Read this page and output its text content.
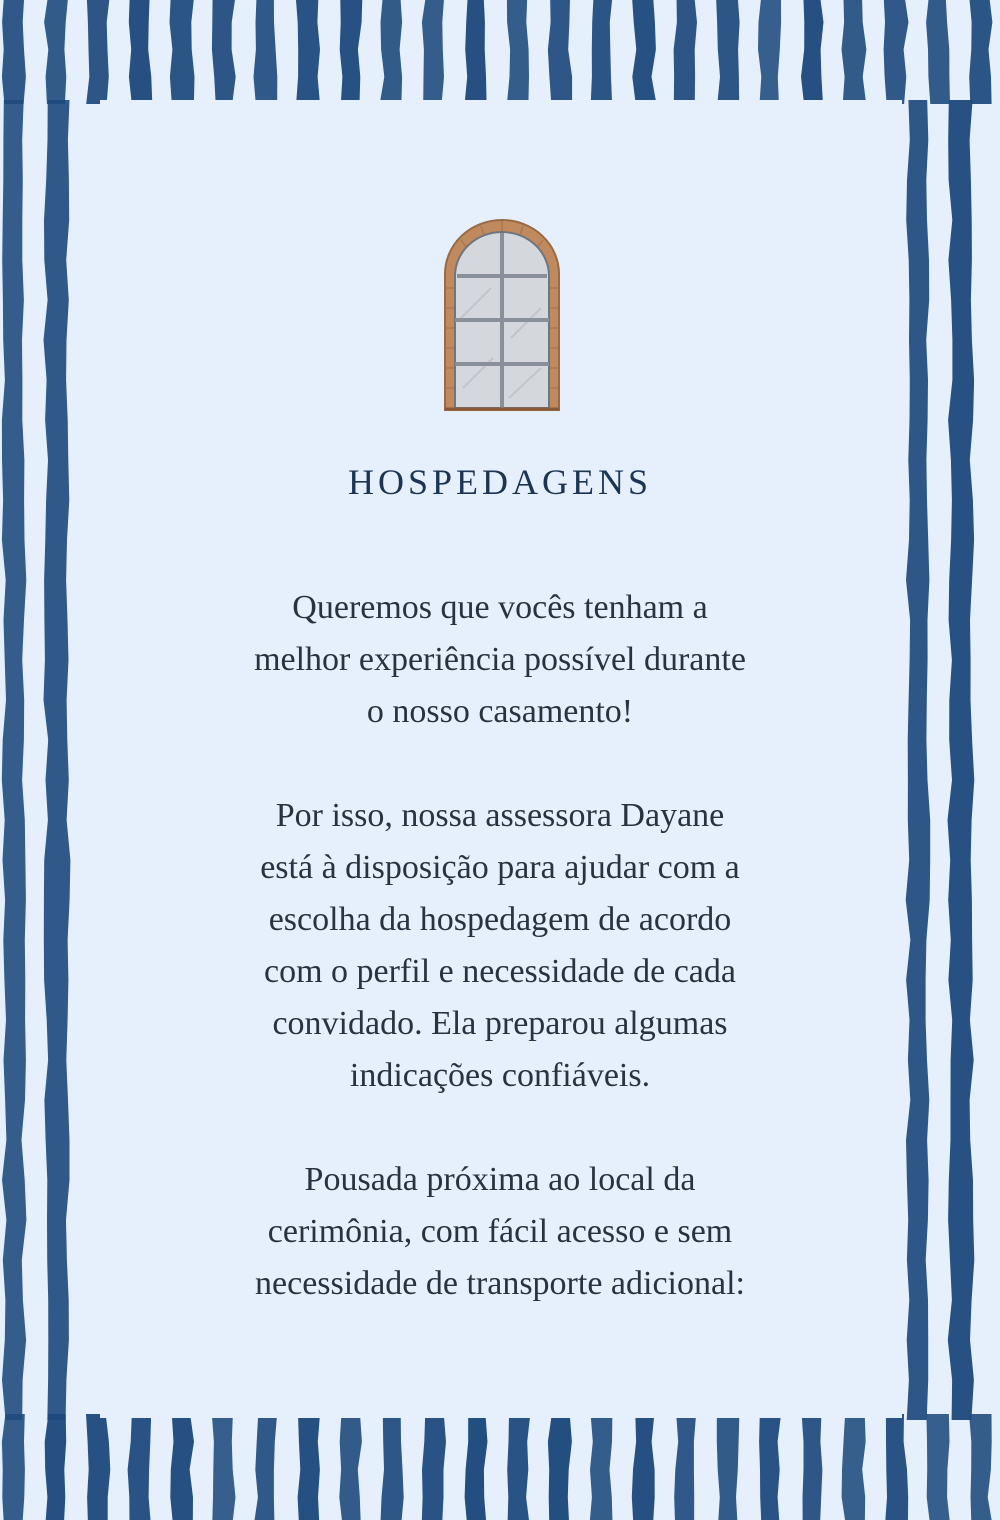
HOSPEDAGENS

Queremos que vocês tenham a
melhor experiência possível durante
o nosso casamento!

Por isso, nossa assessora Dayane
está à disposição para ajudar com a
escolha da hospedagem de acordo
com o perfil e necessidade de cada
convidado. Ela preparou algumas
indicações confiáveis.

Pousada próxima ao local da
cerimônia, com fácil acesso e sem
necessidade de transporte adicional:
